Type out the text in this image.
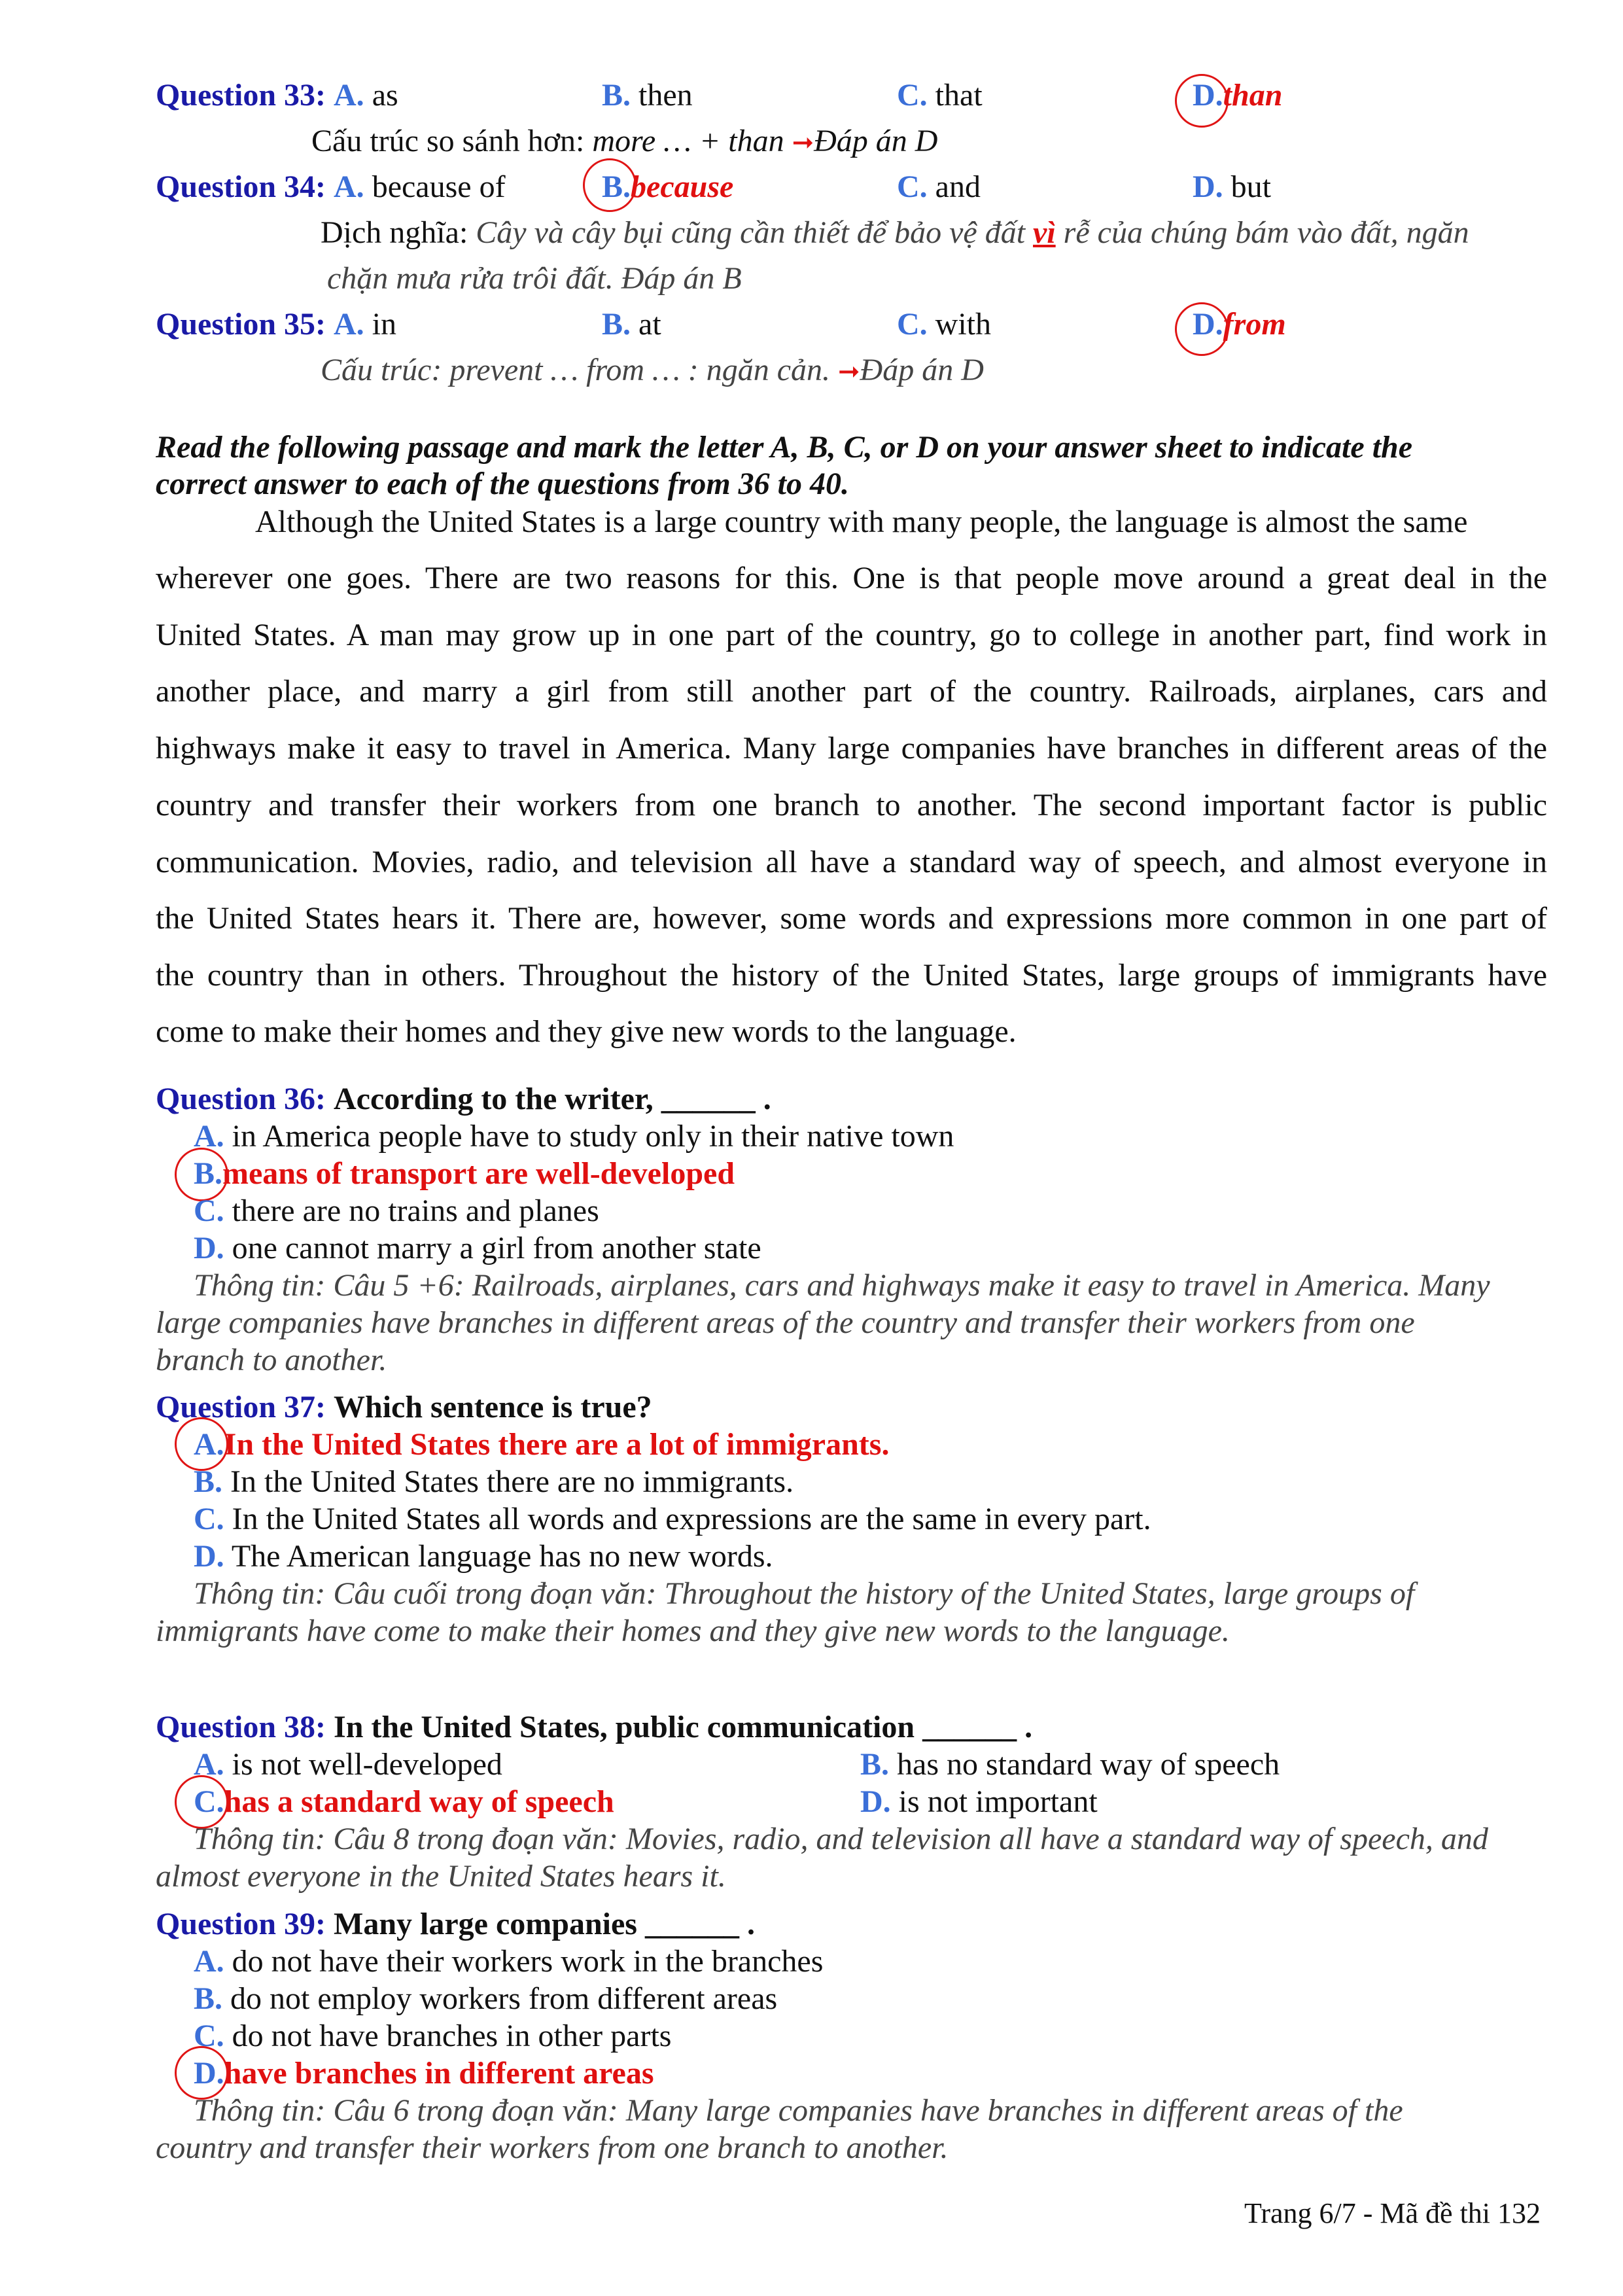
Question 33: A. as	B. then	C. that	D.than
Cấu trúc so sánh hơn: more … + than ➞Đáp án D
Question 34: A. because of	B.because	C. and	D. but
Dịch nghĩa: Cây và cây bụi cũng cần thiết để bảo vệ đất vì rễ của chúng bám vào đất, ngăn
chặn mưa rửa trôi đất. Đáp án B
Question 35: A. in	B. at	C. with	D.from
Cấu trúc: prevent … from … : ngăn cản. ➞Đáp án D
Read the following passage and mark the letter A, B, C, or D on your answer sheet to indicate the
correct answer to each of the questions from 36 to 40.
Although the United States is a large country with many people, the language is almost the same
wherever one goes. There are two reasons for this. One is that people move around a great deal in the
United States. A man may grow up in one part of the country, go to college in another part, find work in
another place, and marry a girl from still another part of the country. Railroads, airplanes, cars and
highways make it easy to travel in America. Many large companies have branches in different areas of the
country and transfer their workers from one branch to another. The second important factor is public
communication. Movies, radio, and television all have a standard way of speech, and almost everyone in
the United States hears it. There are, however, some words and expressions more common in one part of
the country than in others. Throughout the history of the United States, large groups of immigrants have
come to make their homes and they give new words to the language.
Question 36: According to the writer, ______ .
A. in America people have to study only in their native town
B.means of transport are well-developed
C. there are no trains and planes
D. one cannot marry a girl from another state
Thông tin: Câu 5 +6: Railroads, airplanes, cars and highways make it easy to travel in America. Many
large companies have branches in different areas of the country and transfer their workers from one
branch to another.
Question 37: Which sentence is true?
A.In the United States there are a lot of immigrants.
B. In the United States there are no immigrants.
C. In the United States all words and expressions are the same in every part.
D. The American language has no new words.
Thông tin: Câu cuối trong đoạn văn: Throughout the history of the United States, large groups of
immigrants have come to make their homes and they give new words to the language.
Question 38: In the United States, public communication ______ .
A. is not well-developed	B. has no standard way of speech
C.has a standard way of speech	D. is not important
Thông tin: Câu 8 trong đoạn văn: Movies, radio, and television all have a standard way of speech, and
almost everyone in the United States hears it.
Question 39: Many large companies ______ .
A. do not have their workers work in the branches
B. do not employ workers from different areas
C. do not have branches in other parts
D.have branches in different areas
Thông tin: Câu 6 trong đoạn văn: Many large companies have branches in different areas of the
country and transfer their workers from one branch to another.
Trang 6/7 - Mã đề thi 132
